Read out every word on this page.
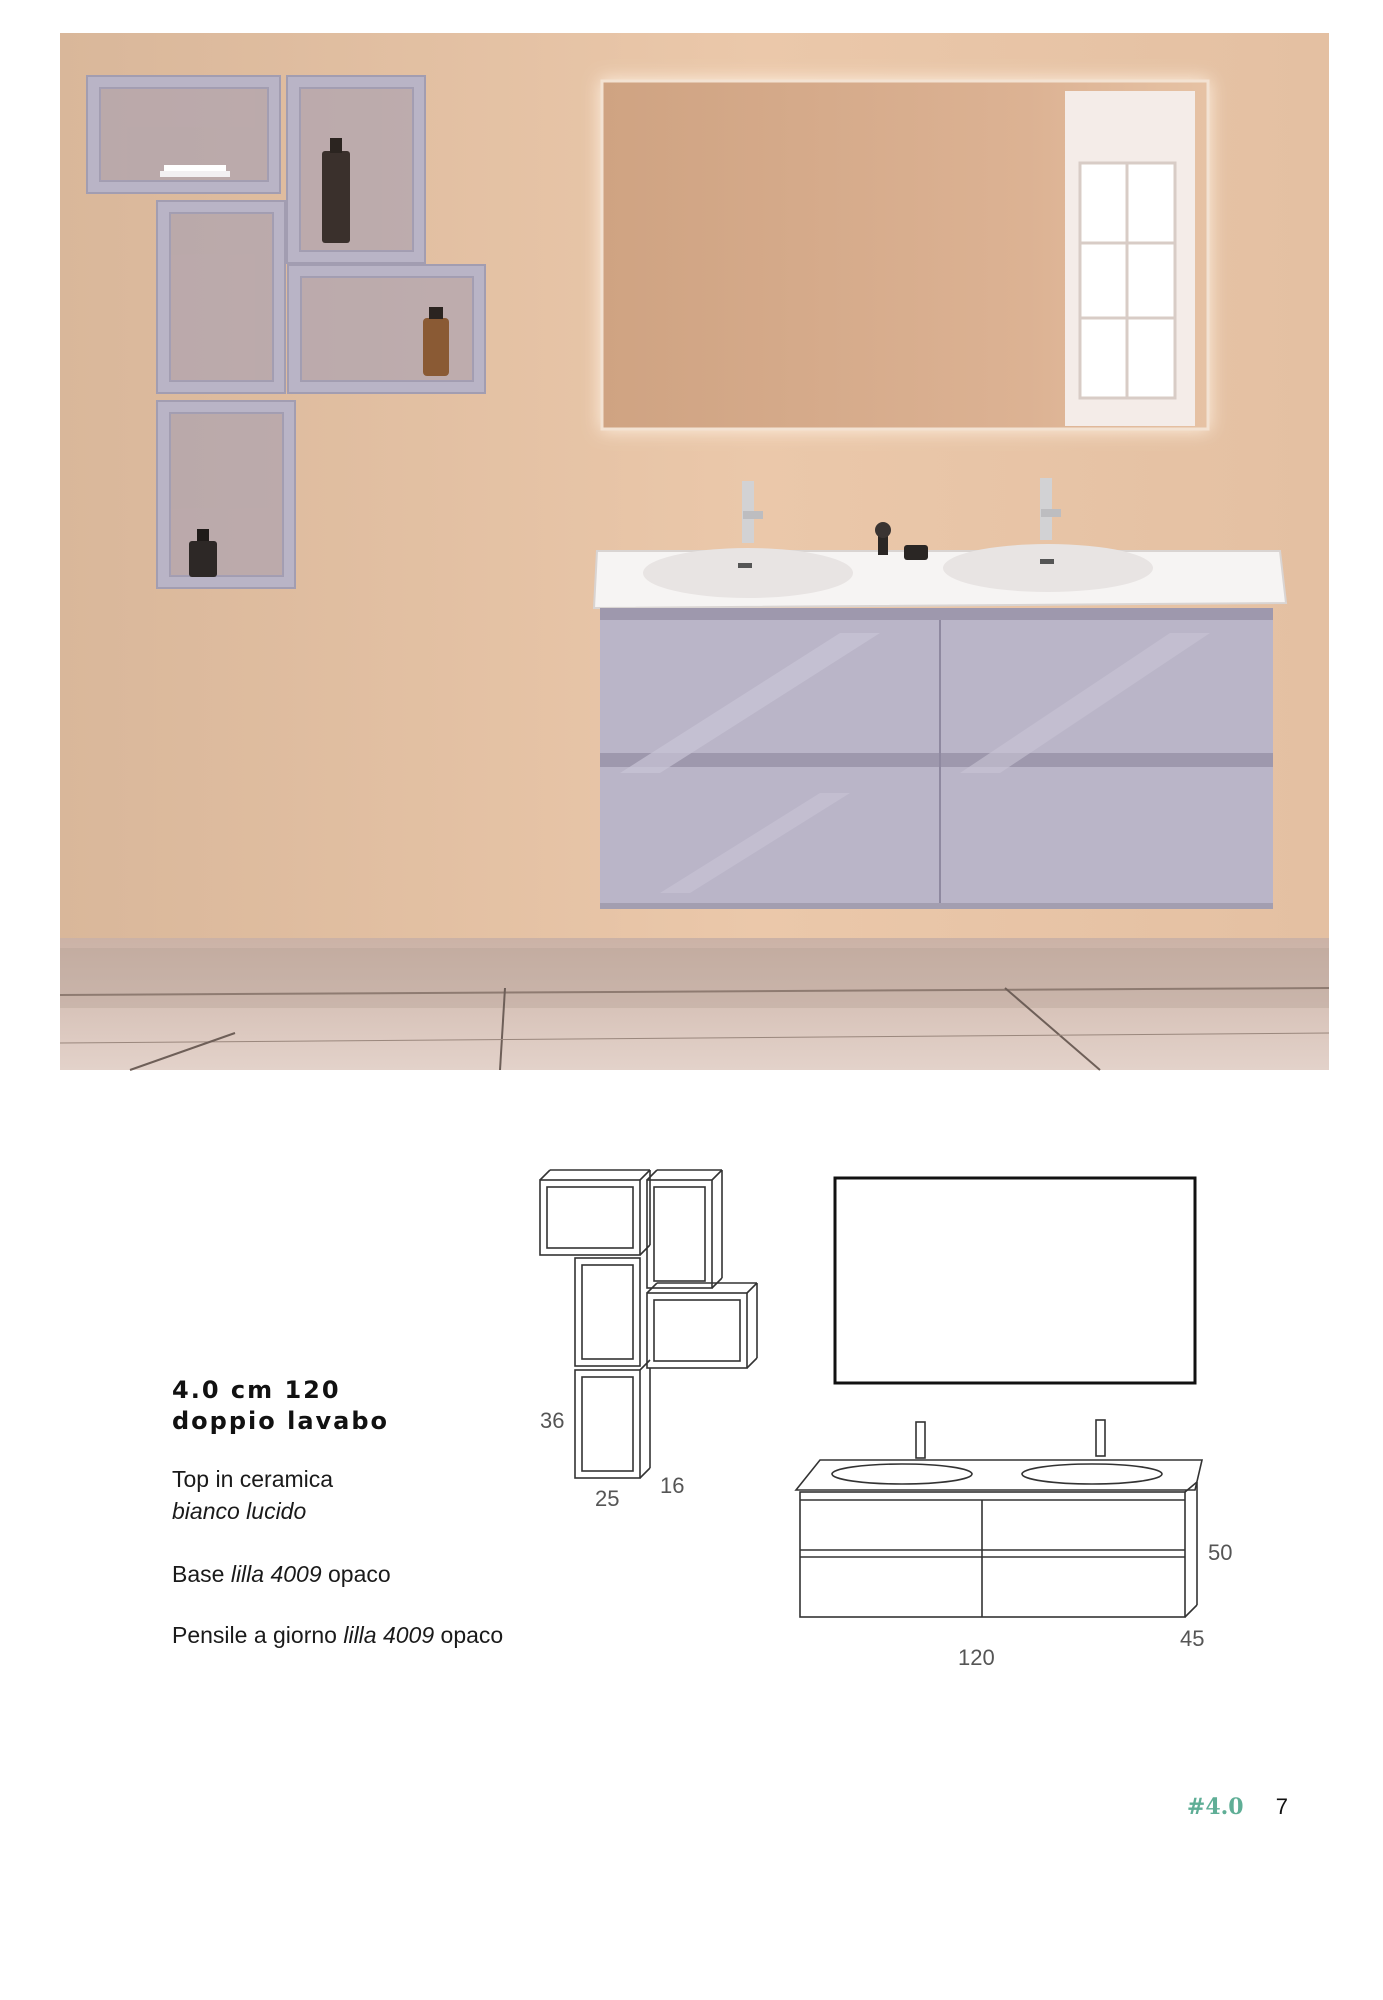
4.0 cm 120
doppio lavabo
Top in ceramica
bianco lucido
Base lilla 4009 opaco
Pensile a giorno lilla 4009 opaco
36
25
16
50
45
120
#4.0 7
